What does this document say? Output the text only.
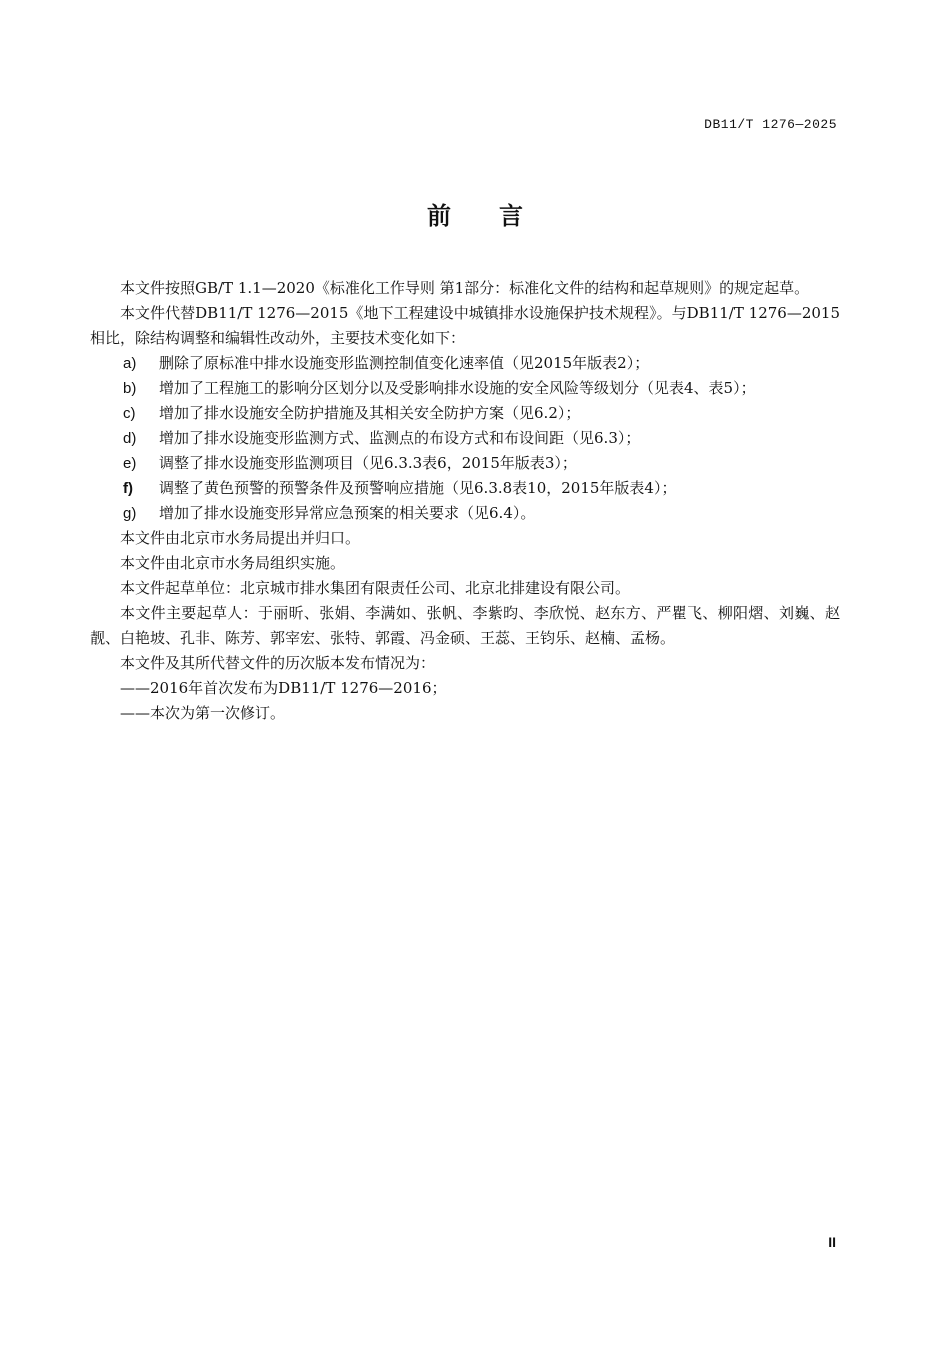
DB11/T 1276—2025
前言

本文件按照GB/T 1.1—2020《标准化工作导则 第1部分：标准化文件的结构和起草规则》的规定起草。

本文件代替DB11/T 1276—2015《地下工程建设中城镇排水设施保护技术规程》。与DB11/T 1276—2015相比，除结构调整和编辑性改动外，主要技术变化如下：

a)	删除了原标准中排水设施变形监测控制值变化速率值（见2015年版表2）；
b)	增加了工程施工的影响分区划分以及受影响排水设施的安全风险等级划分（见表4、表5）；
c)	增加了排水设施安全防护措施及其相关安全防护方案（见6.2）；
d)	增加了排水设施变形监测方式、监测点的布设方式和布设间距（见6.3）；
e)	调整了排水设施变形监测项目（见6.3.3表6，2015年版表3）；
f)	调整了黄色预警的预警条件及预警响应措施（见6.3.8表10，2015年版表4）；
g)	增加了排水设施变形异常应急预案的相关要求（见6.4）。

本文件由北京市水务局提出并归口。

本文件由北京市水务局组织实施。

本文件起草单位：北京城市排水集团有限责任公司、北京北排建设有限公司。

本文件主要起草人：于丽昕、张娟、李满如、张帆、李紫昀、李欣悦、赵东方、严瞿飞、柳阳熠、刘巍、赵靓、白艳坡、孔非、陈芳、郭宰宏、张特、郭霞、冯金硕、王蕊、王钧乐、赵楠、孟杨。

本文件及其所代替文件的历次版本发布情况为：

——2016年首次发布为DB11/T 1276—2016；

——本次为第一次修订。

II
